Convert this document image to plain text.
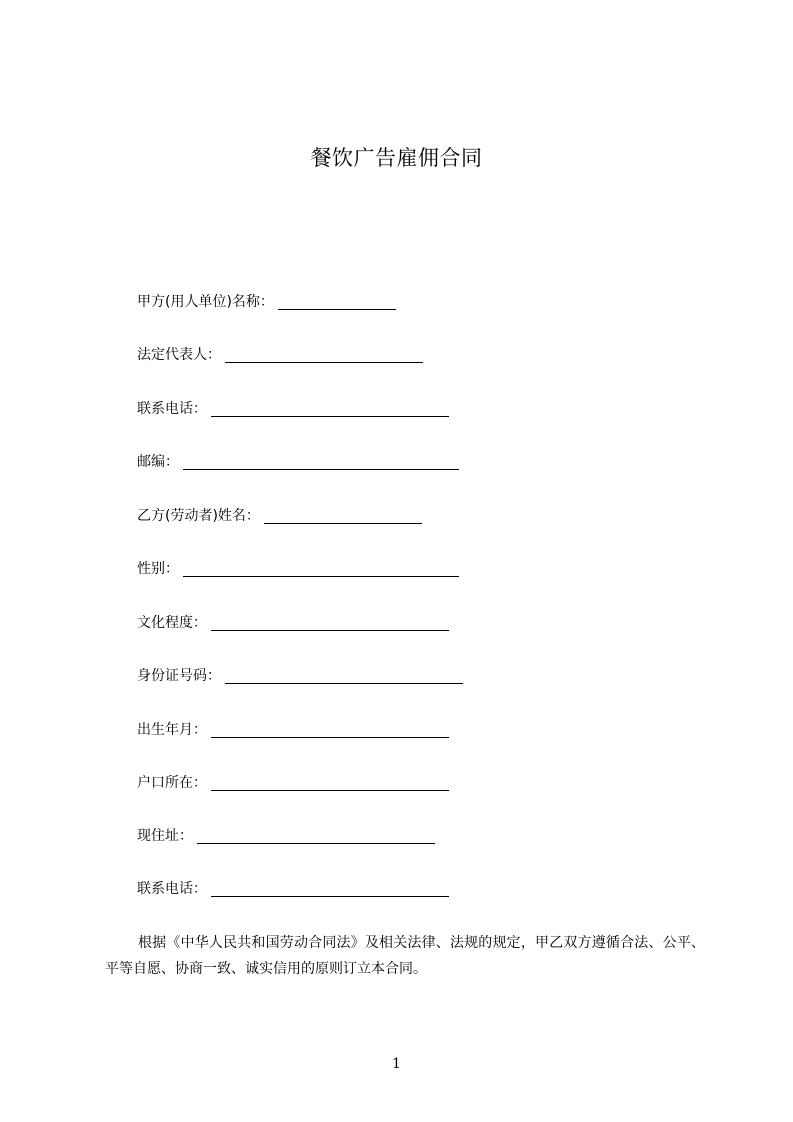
餐饮广告雇佣合同
甲方(用人单位)名称：
法定代表人：
联系电话：
邮编：
乙方(劳动者)姓名：
性别：
文化程度：
身份证号码：
出生年月：
户口所在：
现住址：
联系电话：
根据《中华人民共和国劳动合同法》及相关法律、法规的规定，甲乙双方遵循合法、公平、平等自愿、协商一致、诚实信用的原则订立本合同。
1
